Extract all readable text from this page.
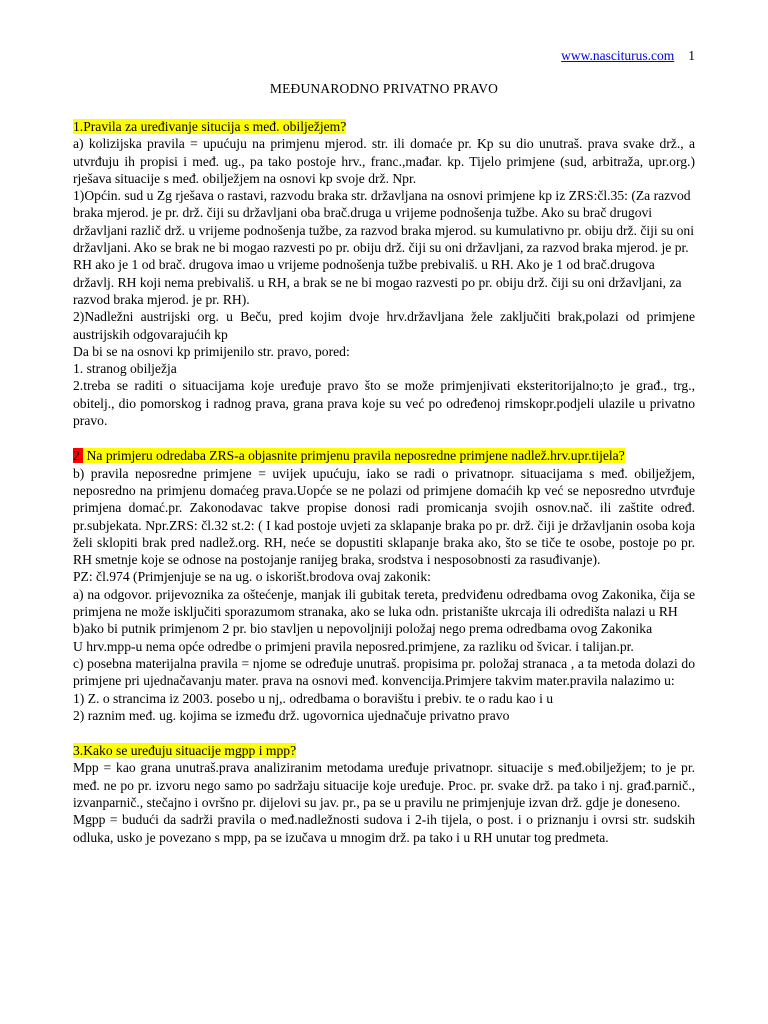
www.nasciturus.com 1
MEĐUNARODNO PRIVATNO PRAVO

1.Pravila za uređivanje situcija s međ. obilježjem?

a) kolizijska pravila = upućuju na primjenu mjerod. str. ili domaće pr. Kp su dio unutraš. prava svake drž., a utvrđuju ih propisi i međ. ug., pa tako postoje hrv., franc.,mađar. kp. Tijelo primjene (sud, arbitraža, upr.org.) rješava situacije s međ. obilježjem na osnovi kp svoje drž. Npr.

1)Općin. sud u Zg rješava o rastavi, razvodu braka str. državljana na osnovi primjene kp iz ZRS:čl.35: (Za razvod braka mjerod. je pr. drž. čiji su državljani oba brač.druga u vrijeme podnošenja tužbe. Ako su brač drugovi državljani različ drž. u vrijeme podnošenja tužbe, za razvod braka mjerod. su kumulativno pr. obiju drž. čiji su oni državljani. Ako se brak ne bi mogao razvesti po pr. obiju drž. čiji su oni državljani, za razvod braka mjerod. je pr. RH ako je 1 od brač. drugova imao u vrijeme podnošenja tužbe prebivališ. u RH. Ako je 1 od brač.drugova državlj. RH koji nema prebivališ. u RH, a brak se ne bi mogao razvesti po pr. obiju drž. čiji su oni državljani, za razvod braka mjerod. je pr. RH).

2)Nadležni austrijski org. u Beču, pred kojim dvoje hrv.državljana žele zaključiti brak,polazi od primjene austrijskih odgovarajućih kp

Da bi se na osnovi kp primijenilo str. pravo, pored:

1. stranog obilježja

2.treba se raditi o situacijama koje uređuje pravo što se može primjenjivati eksteritorijalno;to je građ., trg., obitelj., dio pomorskog i radnog prava, grana prava koje su već po određenoj rimskopr.podjeli ulazile u privatno pravo.

2. Na primjeru odredaba ZRS-a objasnite primjenu pravila neposredne primjene nadlež.hrv.upr.tijela?

b) pravila neposredne primjene = uvijek upućuju, iako se radi o privatnopr. situacijama s međ. obilježjem, neposredno na primjenu domaćeg prava.Uopće se ne polazi od primjene domaćih kp već se neposredno utvrđuje primjena domać.pr. Zakonodavac takve propise donosi radi promicanja svojih osnov.nač. ili zaštite određ. pr.subjekata. Npr.ZRS: čl.32 st.2: ( I kad postoje uvjeti za sklapanje braka po pr. drž. čiji je državljanin osoba koja želi sklopiti brak pred nadlež.org. RH, neće se dopustiti sklapanje braka ako, što se tiče te osobe, postoje po pr. RH smetnje koje se odnose na postojanje ranijeg braka, srodstva i nesposobnosti za rasuđivanje).

PZ: čl.974 (Primjenjuje se na ug. o iskorišt.brodova ovaj zakonik:

a) na odgovor. prijevoznika za oštećenje, manjak ili gubitak tereta, predviđenu odredbama ovog Zakonika, čija se primjena ne može isključiti sporazumom stranaka, ako se luka odn. pristanište ukrcaja ili odredišta nalazi u RH

b)ako bi putnik primjenom 2 pr. bio stavljen u nepovoljniji položaj nego prema odredbama ovog Zakonika

U hrv.mpp-u nema opće odredbe o primjeni pravila neposred.primjene, za razliku od švicar. i talijan.pr.

c) posebna materijalna pravila = njome se određuje unutraš. propisima pr. položaj stranaca , a ta metoda dolazi do primjene pri ujednačavanju mater. prava na osnovi međ. konvencija.Primjere takvim mater.pravila nalazimo u:

1) Z. o strancima iz 2003. posebo u nj,. odredbama o boravištu i prebiv. te o radu kao i u

2) raznim međ. ug. kojima se između drž. ugovornica ujednačuje privatno pravo

3.Kako se uređuju situacije mgpp i mpp?

Mpp = kao grana unutraš.prava analiziranim metodama uređuje privatnopr. situacije s međ.obilježjem; to je pr. međ. ne po pr. izvoru nego samo po sadržaju situacije koje uređuje. Proc. pr. svake drž. pa tako i nj. građ.parnič., izvanparnič., stečajno i ovršno pr. dijelovi su jav. pr., pa se u pravilu ne primjenjuje izvan drž. gdje je doneseno.

Mgpp = budući da sadrži pravila o međ.nadležnosti sudova i 2-ih tijela, o post. i o priznanju i ovrsi str. sudskih odluka, usko je povezano s mpp, pa se izučava u mnogim drž. pa tako i u RH unutar tog predmeta.
